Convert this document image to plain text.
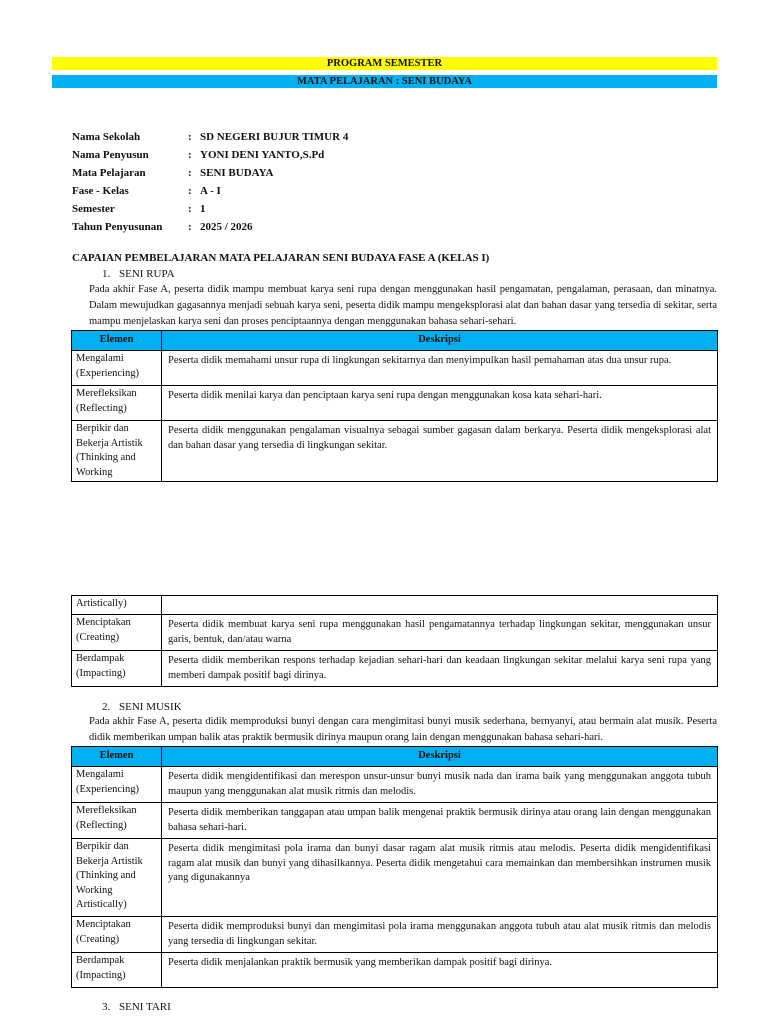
PROGRAM SEMESTER
MATA PELAJARAN : SENI BUDAYA
Nama Sekolah	: SD NEGERI BUJUR TIMUR 4
Nama Penyusun	: YONI DENI YANTO,S.Pd
Mata Pelajaran	: SENI BUDAYA
Fase - Kelas	: A - I
Semester	: 1
Tahun Penyusunan : 2025 / 2026
CAPAIAN PEMBELAJARAN MATA PELAJARAN SENI BUDAYA FASE A (KELAS I)
1. SENI RUPA

Pada akhir Fase A, peserta didik mampu membuat karya seni rupa dengan menggunakan hasil pengamatan, pengalaman, perasaan, dan minatnya. Dalam mewujudkan gagasannya menjadi sebuah karya seni, peserta didik mampu mengeksplorasi alat dan bahan dasar yang tersedia di sekitar, serta mampu menjelaskan karya seni dan proses penciptaannya dengan menggunakan bahasa sehari-sehari.

Elemen	Deskripsi
Mengalami (Experiencing)	Peserta didik memahami unsur rupa di lingkungan sekitarnya dan menyimpulkan hasil pemahaman atas dua unsur rupa.
Merefleksikan (Reflecting)	Peserta didik menilai karya dan penciptaan karya seni rupa dengan menggunakan kosa kata sehari-hari.
Berpikir dan Bekerja Artistik (Thinking and Working	Peserta didik menggunakan pengalaman visualnya sebagai sumber gagasan dalam berkarya. Peserta didik mengeksplorasi alat dan bahan dasar yang tersedia di lingkungan sekitar.
Artistically)	
Menciptakan (Creating)	Peserta didik membuat karya seni rupa menggunakan hasil pengamatannya terhadap lingkungan sekitar, menggunakan unsur garis, bentuk, dan/atau warna
Berdampak (Impacting)	Peserta didik memberikan respons terhadap kejadian sehari-hari dan keadaan lingkungan sekitar melalui karya seni rupa yang memberi dampak positif bagi dirinya.
2. SENI MUSIK

Pada akhir Fase A, peserta didik memproduksi bunyi dengan cara mengimitasi bunyi musik sederhana, bernyanyi, atau bermain alat musik. Peserta didik memberikan umpan balik atas praktik bermusik dirinya maupun orang lain dengan menggunakan bahasa sehari-hari.

Elemen	Deskripsi
Mengalami (Experiencing)	Peserta didik mengidentifikasi dan merespon unsur-unsur bunyi musik nada dan irama baik yang menggunakan anggota tubuh maupun yang menggunakan alat musik ritmis dan melodis.
Merefleksikan (Reflecting)	Peserta didik memberikan tanggapan atau umpan balik mengenai praktik bermusik dirinya atau orang lain dengan menggunakan bahasa sehari-hari.
Berpikir dan Bekerja Artistik (Thinking and Working Artistically)	Peserta didik mengimitasi pola irama dan bunyi dasar ragam alat musik ritmis atau melodis. Peserta didik mengidentifikasi ragam alat musik dan bunyi yang dihasilkannya. Peserta didik mengetahui cara memainkan dan membersihkan instrumen musik yang digunakannya
Menciptakan (Creating)	Peserta didik memproduksi bunyi dan mengimitasi pola irama menggunakan anggota tubuh atau alat musik ritmis dan melodis yang tersedia di lingkungan sekitar.
Berdampak (Impacting)	Peserta didik menjalankan praktik bermusik yang memberikan dampak positif bagi dirinya.
3. SENI TARI
